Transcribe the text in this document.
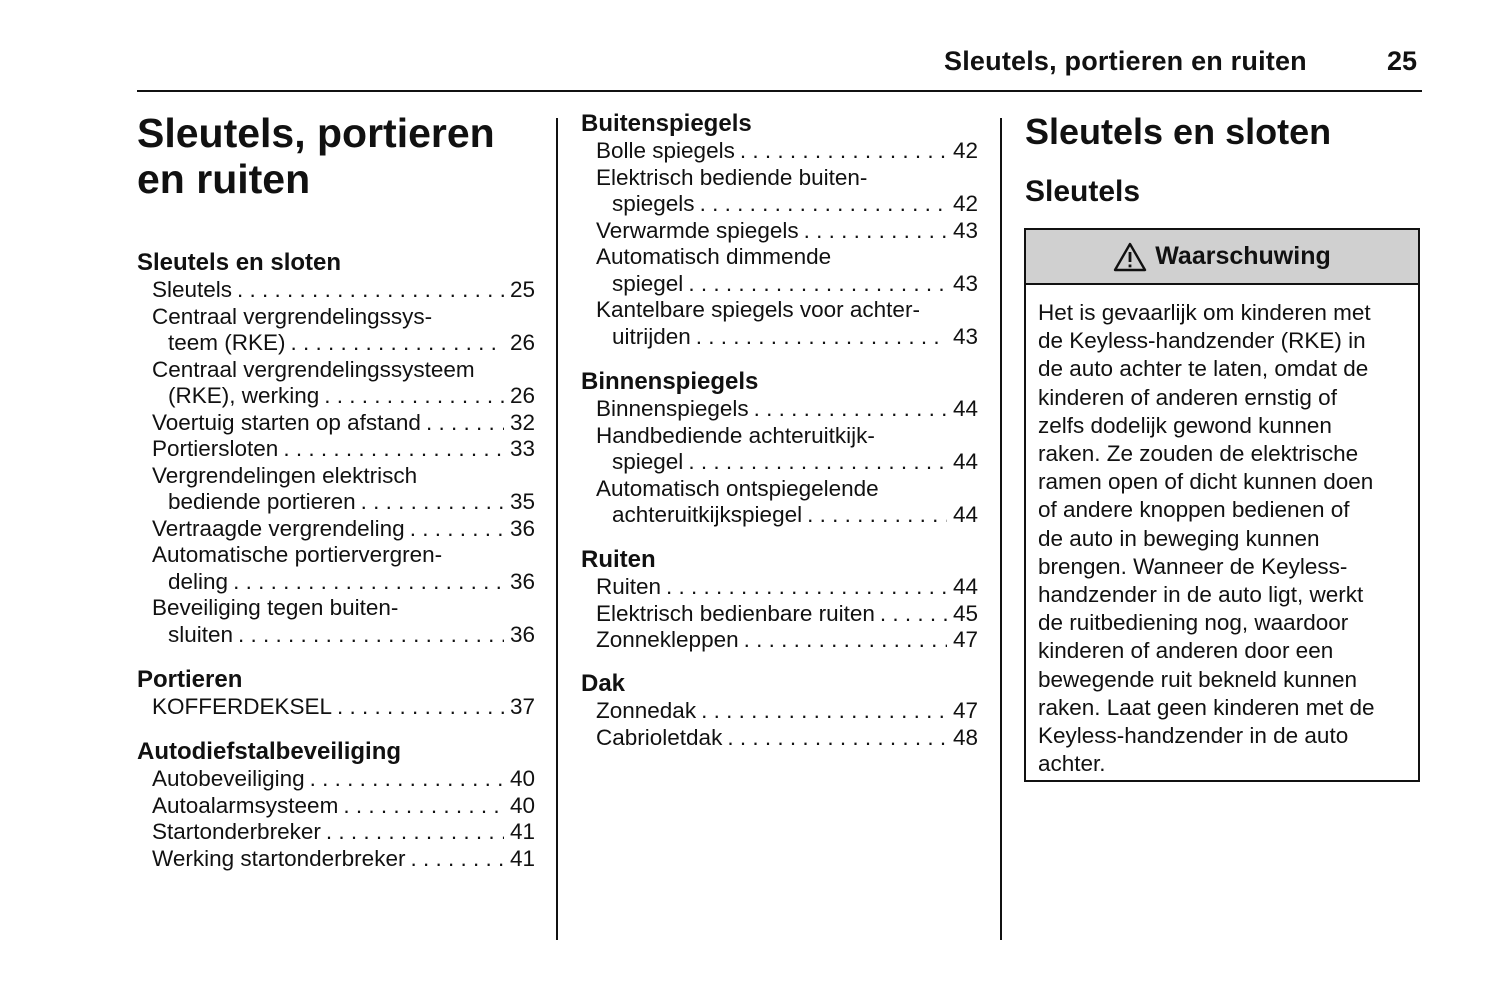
Sleutels, portieren en ruiten	25
Sleutels, portieren
en ruiten
Sleutels en sloten
Sleutels . . .	25
Centraal vergrendelingssys-
teem (RKE) . . .	26
Centraal vergrendelingssysteem
(RKE), werking . . .	26
Voertuig starten op afstand . . .	32
Portiersloten . . .	33
Vergrendelingen elektrisch
bediende portieren . . .	35
Vertraagde vergrendeling . . .	36
Automatische portiervergren-
deling . . .	36
Beveiliging tegen buiten-
sluiten . . .	36
Portieren
KOFFERDEKSEL . . .	37
Autodiefstalbeveiliging
Autobeveiliging . . .	40
Autoalarmsysteem . . .	40
Startonderbreker . . .	41
Werking startonderbreker . . .	41
Buitenspiegels
Bolle spiegels . . .	42
Elektrisch bediende buiten-
spiegels . . .	42
Verwarmde spiegels . . .	43
Automatisch dimmende
spiegel . . .	43
Kantelbare spiegels voor achter-
uitrijden . . .	43
Binnenspiegels
Binnenspiegels . . .	44
Handbediende achteruitkijk-
spiegel . . .	44
Automatisch ontspiegelende
achteruitkijkspiegel . . .	44
Ruiten
Ruiten . . .	44
Elektrisch bedienbare ruiten . . .	45
Zonnekleppen . . .	47
Dak
Zonnedak . . .	47
Cabrioletdak . . .	48
Sleutels en sloten
Sleutels
Waarschuwing

Het is gevaarlijk om kinderen met

de Keyless-handzender (RKE) in

de auto achter te laten, omdat de

kinderen of anderen ernstig of

zelfs dodelijk gewond kunnen

raken. Ze zouden de elektrische

ramen open of dicht kunnen doen

of andere knoppen bedienen of

de auto in beweging kunnen

brengen. Wanneer de Keyless-

handzender in de auto ligt, werkt

de ruitbediening nog, waardoor

kinderen of anderen door een

bewegende ruit bekneld kunnen

raken. Laat geen kinderen met de

Keyless-handzender in de auto

achter.
